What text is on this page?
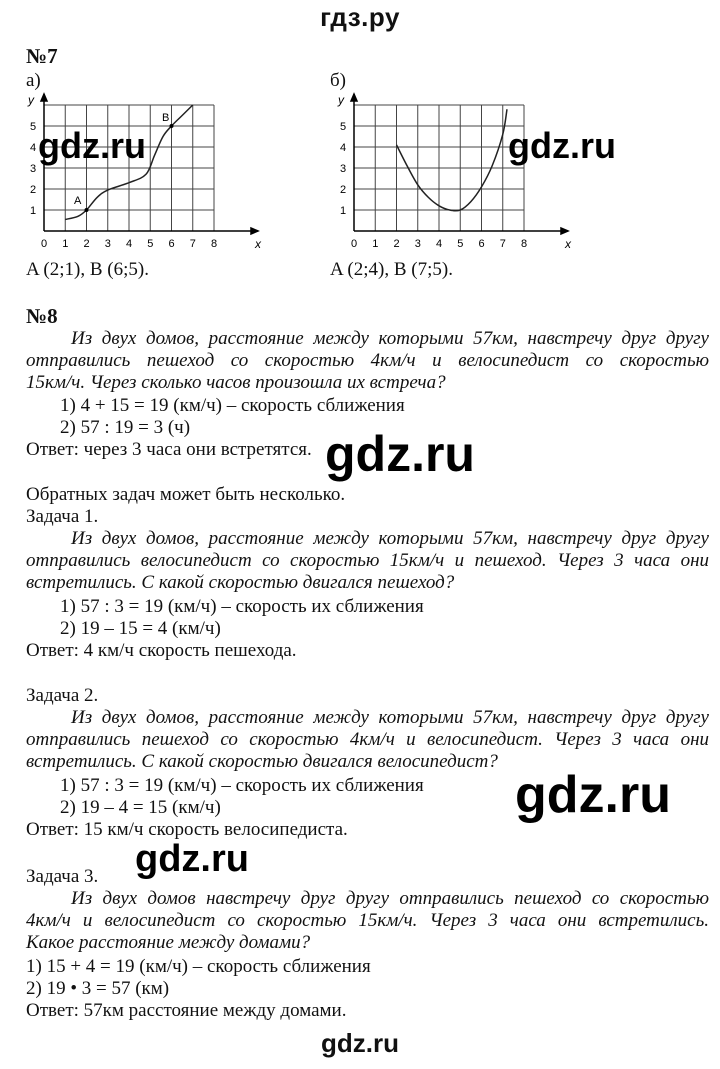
гдз.ру
№7
а)	б)
y
x
0 1 2 3 4 5 6 7 8
1
2
3
4
5
A
B
y
x
0 1 2 3 4 5 6 7 8
1
2
3
4
5
A (2;1), B (6;5).	A (2;4), B (7;5).
№8
Из двух домов, расстояние между которыми 57км, навстречу друг другу
отправились пешеход со скоростью 4км/ч и велосипедист со скоростью
15км/ч. Через сколько часов произошла их встреча?
1) 4 + 15 = 19 (км/ч) – скорость сближения
2) 57 : 19 = 3 (ч)
Ответ: через 3 часа они встретятся.
Обратных задач может быть несколько.
Задача 1.
Из двух домов, расстояние между которыми 57км, навстречу друг другу
отправились велосипедист со скоростью 15км/ч и пешеход. Через 3 часа они
встретились. С какой скоростью двигался пешеход?
1) 57 : 3 = 19 (км/ч) – скорость их сближения
2) 19 – 15 = 4 (км/ч)
Ответ: 4 км/ч скорость пешехода.
Задача 2.
Из двух домов, расстояние между которыми 57км, навстречу друг другу
отправились пешеход со скоростью 4км/ч и велосипедист. Через 3 часа они
встретились. С какой скоростью двигался велосипедист?
1) 57 : 3 = 19 (км/ч) – скорость их сближения
2) 19 – 4 = 15 (км/ч)
Ответ: 15 км/ч скорость велосипедиста.
Задача 3.
Из двух домов навстречу друг другу отправились пешеход со скоростью
4км/ч и велосипедист со скоростью 15км/ч. Через 3 часа они встретились.
Какое расстояние между домами?
1) 15 + 4 = 19 (км/ч) – скорость сближения
2) 19 • 3 = 57 (км)
Ответ: 57км расстояние между домами.
gdz.ru	gdz.ru
gdz.ru
gdz.ru
gdz.ru
gdz.ru
